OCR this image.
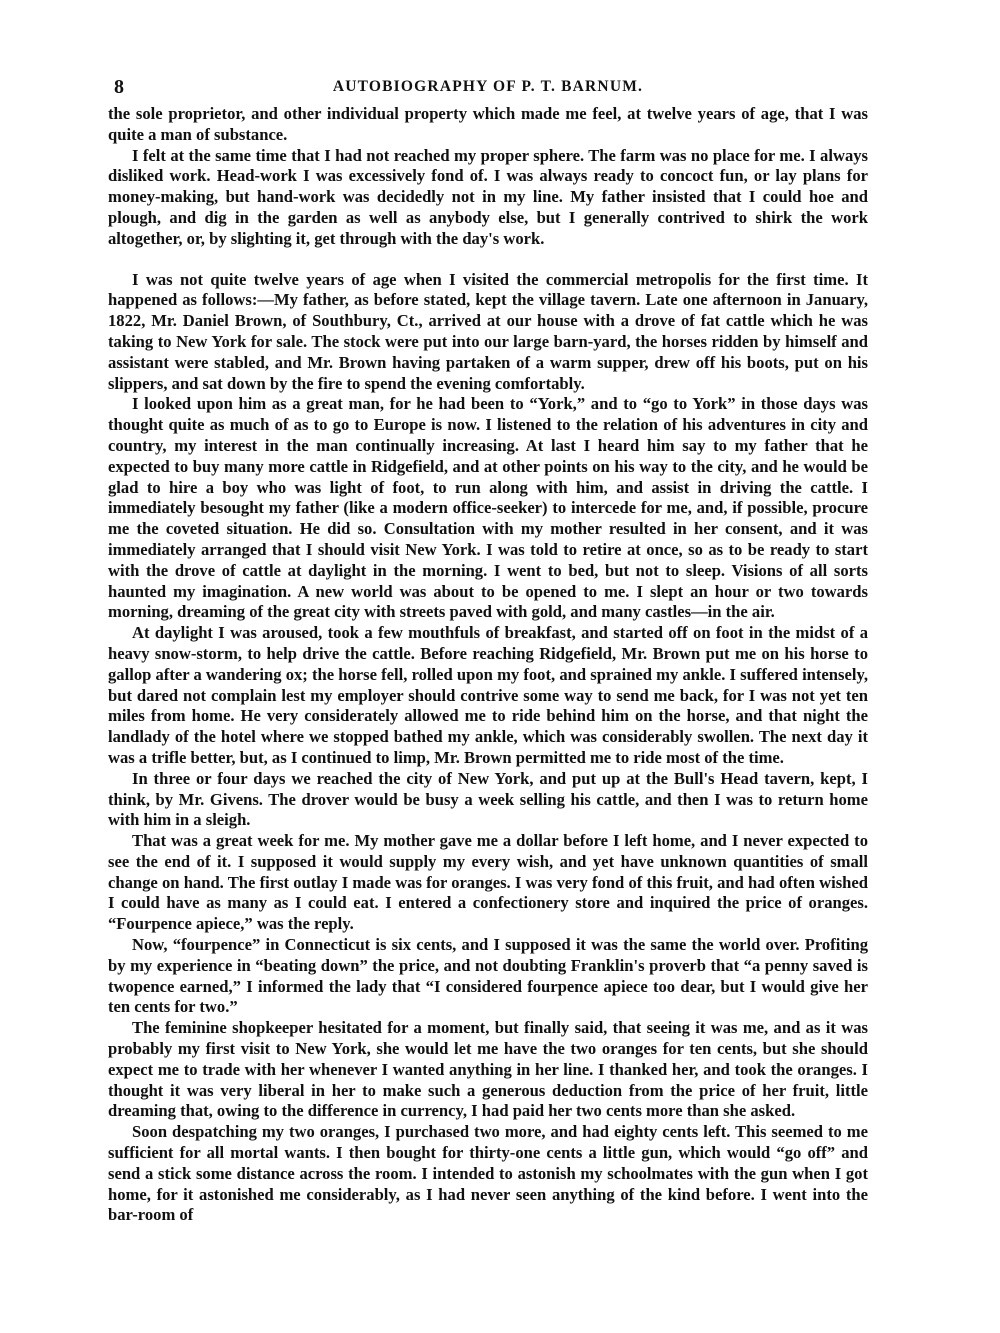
8	AUTOBIOGRAPHY OF P. T. BARNUM.

the sole proprietor, and other individual property which made me feel, at twelve years of age, that I was quite a man of substance.

I felt at the same time that I had not reached my proper sphere. The farm was no place for me. I always disliked work. Head-work I was excessively fond of. I was always ready to concoct fun, or lay plans for money-making, but hand-work was decidedly not in my line. My father insisted that I could hoe and plough, and dig in the garden as well as anybody else, but I generally contrived to shirk the work altogether, or, by slighting it, get through with the day's work.

I was not quite twelve years of age when I visited the commercial metropolis for the first time. It happened as follows:—My father, as before stated, kept the village tavern. Late one afternoon in January, 1822, Mr. Daniel Brown, of Southbury, Ct., arrived at our house with a drove of fat cattle which he was taking to New York for sale. The stock were put into our large barn-yard, the horses ridden by himself and assistant were stabled, and Mr. Brown having partaken of a warm supper, drew off his boots, put on his slippers, and sat down by the fire to spend the evening comfortably.

I looked upon him as a great man, for he had been to “York,” and to “go to York” in those days was thought quite as much of as to go to Europe is now. I listened to the relation of his adventures in city and country, my interest in the man continually increasing. At last I heard him say to my father that he expected to buy many more cattle in Ridgefield, and at other points on his way to the city, and he would be glad to hire a boy who was light of foot, to run along with him, and assist in driving the cattle. I immediately besought my father (like a modern office-seeker) to intercede for me, and, if possible, procure me the coveted situation. He did so. Consultation with my mother resulted in her consent, and it was immediately arranged that I should visit New York. I was told to retire at once, so as to be ready to start with the drove of cattle at daylight in the morning. I went to bed, but not to sleep. Visions of all sorts haunted my imagination. A new world was about to be opened to me. I slept an hour or two towards morning, dreaming of the great city with streets paved with gold, and many castles—in the air.

At daylight I was aroused, took a few mouthfuls of breakfast, and started off on foot in the midst of a heavy snow-storm, to help drive the cattle. Before reaching Ridgefield, Mr. Brown put me on his horse to gallop after a wandering ox; the horse fell, rolled upon my foot, and sprained my ankle. I suffered intensely, but dared not complain lest my employer should contrive some way to send me back, for I was not yet ten miles from home. He very considerately allowed me to ride behind him on the horse, and that night the landlady of the hotel where we stopped bathed my ankle, which was considerably swollen. The next day it was a trifle better, but, as I continued to limp, Mr. Brown permitted me to ride most of the time.

In three or four days we reached the city of New York, and put up at the Bull's Head tavern, kept, I think, by Mr. Givens. The drover would be busy a week selling his cattle, and then I was to return home with him in a sleigh.

That was a great week for me. My mother gave me a dollar before I left home, and I never expected to see the end of it. I supposed it would supply my every wish, and yet have unknown quantities of small change on hand. The first outlay I made was for oranges. I was very fond of this fruit, and had often wished I could have as many as I could eat. I entered a confectionery store and inquired the price of oranges. “Fourpence apiece,” was the reply.

Now, “fourpence” in Connecticut is six cents, and I supposed it was the same the world over. Profiting by my experience in “beating down” the price, and not doubting Franklin's proverb that “a penny saved is twopence earned,” I informed the lady that “I considered fourpence apiece too dear, but I would give her ten cents for two.”

The feminine shopkeeper hesitated for a moment, but finally said, that seeing it was me, and as it was probably my first visit to New York, she would let me have the two oranges for ten cents, but she should expect me to trade with her whenever I wanted anything in her line. I thanked her, and took the oranges. I thought it was very liberal in her to make such a generous deduction from the price of her fruit, little dreaming that, owing to the difference in currency, I had paid her two cents more than she asked.

Soon despatching my two oranges, I purchased two more, and had eighty cents left. This seemed to me sufficient for all mortal wants. I then bought for thirty-one cents a little gun, which would “go off” and send a stick some distance across the room. I intended to astonish my schoolmates with the gun when I got home, for it astonished me considerably, as I had never seen anything of the kind before. I went into the bar-room of
